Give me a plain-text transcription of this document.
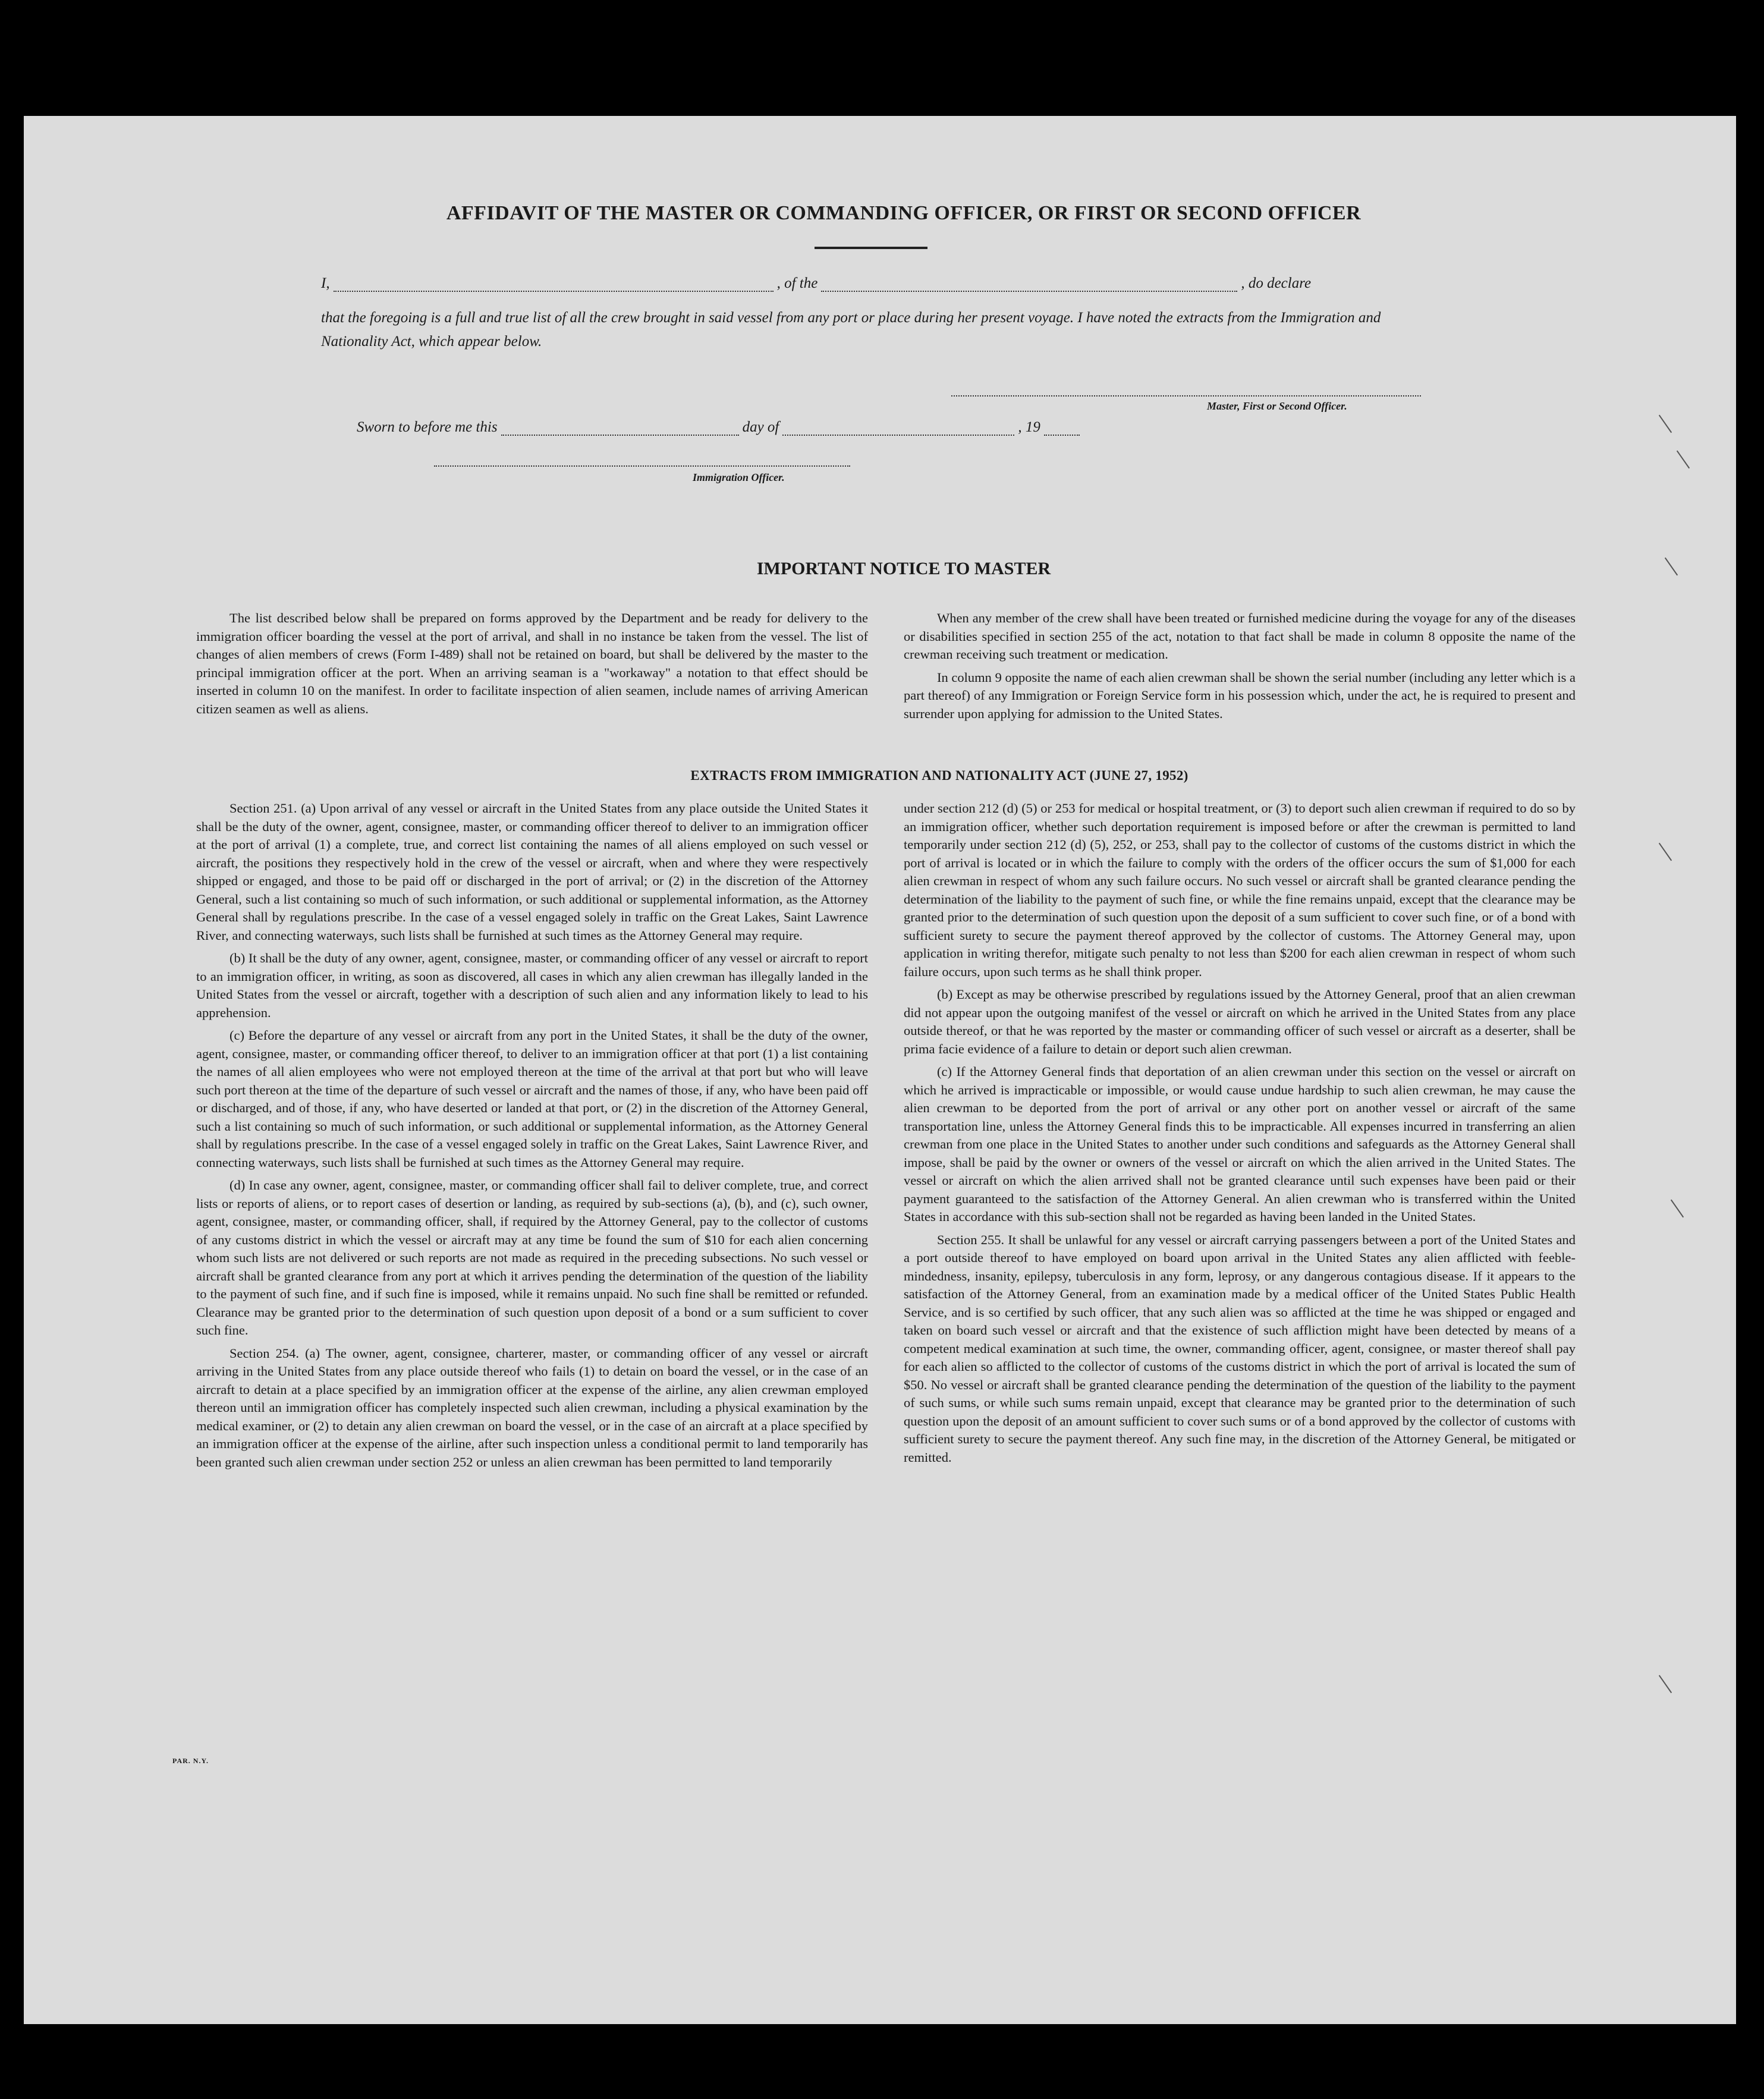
AFFIDAVIT OF THE MASTER OR COMMANDING OFFICER, OR FIRST OR SECOND OFFICER
I,	, of the	, do declare
that the foregoing is a full and true list of all the crew brought in said vessel from any port or place during her present voyage. I have noted the extracts from the Immigration and Nationality Act, which appear below.
Master, First or Second Officer.
Sworn to before me this	day of	, 19
Immigration Officer.
IMPORTANT NOTICE TO MASTER

The list described below shall be prepared on forms approved by the Department and be ready for delivery to the immigration officer boarding the vessel at the port of arrival, and shall in no instance be taken from the vessel. The list of changes of alien members of crews (Form I-489) shall not be retained on board, but shall be delivered by the master to the principal immigration officer at the port. When an arriving seaman is a "workaway" a notation to that effect should be inserted in column 10 on the manifest. In order to facilitate inspection of alien seamen, include names of arriving American citizen seamen as well as aliens.

When any member of the crew shall have been treated or furnished medicine during the voyage for any of the diseases or disabilities specified in section 255 of the act, notation to that fact shall be made in column 8 opposite the name of the crewman receiving such treatment or medication.

In column 9 opposite the name of each alien crewman shall be shown the serial number (including any letter which is a part thereof) of any Immigration or Foreign Service form in his possession which, under the act, he is required to present and surrender upon applying for admission to the United States.

EXTRACTS FROM IMMIGRATION AND NATIONALITY ACT (JUNE 27, 1952)

Section 251. (a) Upon arrival of any vessel or aircraft in the United States from any place outside the United States it shall be the duty of the owner, agent, consignee, master, or commanding officer thereof to deliver to an immigration officer at the port of arrival (1) a complete, true, and correct list containing the names of all aliens employed on such vessel or aircraft, the positions they respectively hold in the crew of the vessel or aircraft, when and where they were respectively shipped or engaged, and those to be paid off or discharged in the port of arrival; or (2) in the discretion of the Attorney General, such a list containing so much of such information, or such additional or supplemental information, as the Attorney General shall by regulations prescribe. In the case of a vessel engaged solely in traffic on the Great Lakes, Saint Lawrence River, and connecting waterways, such lists shall be furnished at such times as the Attorney General may require.

(b) It shall be the duty of any owner, agent, consignee, master, or commanding officer of any vessel or aircraft to report to an immigration officer, in writing, as soon as discovered, all cases in which any alien crewman has illegally landed in the United States from the vessel or aircraft, together with a description of such alien and any information likely to lead to his apprehension.

(c) Before the departure of any vessel or aircraft from any port in the United States, it shall be the duty of the owner, agent, consignee, master, or commanding officer thereof, to deliver to an immigration officer at that port (1) a list containing the names of all alien employees who were not employed thereon at the time of the arrival at that port but who will leave such port thereon at the time of the departure of such vessel or aircraft and the names of those, if any, who have been paid off or discharged, and of those, if any, who have deserted or landed at that port, or (2) in the discretion of the Attorney General, such a list containing so much of such information, or such additional or supplemental information, as the Attorney General shall by regulations prescribe. In the case of a vessel engaged solely in traffic on the Great Lakes, Saint Lawrence River, and connecting waterways, such lists shall be furnished at such times as the Attorney General may require.

(d) In case any owner, agent, consignee, master, or commanding officer shall fail to deliver complete, true, and correct lists or reports of aliens, or to report cases of desertion or landing, as required by sub-sections (a), (b), and (c), such owner, agent, consignee, master, or commanding officer, shall, if required by the Attorney General, pay to the collector of customs of any customs district in which the vessel or aircraft may at any time be found the sum of $10 for each alien concerning whom such lists are not delivered or such reports are not made as required in the preceding subsections. No such vessel or aircraft shall be granted clearance from any port at which it arrives pending the determination of the question of the liability to the payment of such fine, and if such fine is imposed, while it remains unpaid. No such fine shall be remitted or refunded. Clearance may be granted prior to the determination of such question upon deposit of a bond or a sum sufficient to cover such fine.

Section 254. (a) The owner, agent, consignee, charterer, master, or commanding officer of any vessel or aircraft arriving in the United States from any place outside thereof who fails (1) to detain on board the vessel, or in the case of an aircraft to detain at a place specified by an immigration officer at the expense of the airline, any alien crewman employed thereon until an immigration officer has completely inspected such alien crewman, including a physical examination by the medical examiner, or (2) to detain any alien crewman on board the vessel, or in the case of an aircraft at a place specified by an immigration officer at the expense of the airline, after such inspection unless a conditional permit to land temporarily has been granted such alien crewman under section 252 or unless an alien crewman has been permitted to land temporarily

under section 212 (d) (5) or 253 for medical or hospital treatment, or (3) to deport such alien crewman if required to do so by an immigration officer, whether such deportation requirement is imposed before or after the crewman is permitted to land temporarily under section 212 (d) (5), 252, or 253, shall pay to the collector of customs of the customs district in which the port of arrival is located or in which the failure to comply with the orders of the officer occurs the sum of $1,000 for each alien crewman in respect of whom any such failure occurs. No such vessel or aircraft shall be granted clearance pending the determination of the liability to the payment of such fine, or while the fine remains unpaid, except that the clearance may be granted prior to the determination of such question upon the deposit of a sum sufficient to cover such fine, or of a bond with sufficient surety to secure the payment thereof approved by the collector of customs. The Attorney General may, upon application in writing therefor, mitigate such penalty to not less than $200 for each alien crewman in respect of whom such failure occurs, upon such terms as he shall think proper.

(b) Except as may be otherwise prescribed by regulations issued by the Attorney General, proof that an alien crewman did not appear upon the outgoing manifest of the vessel or aircraft on which he arrived in the United States from any place outside thereof, or that he was reported by the master or commanding officer of such vessel or aircraft as a deserter, shall be prima facie evidence of a failure to detain or deport such alien crewman.

(c) If the Attorney General finds that deportation of an alien crewman under this section on the vessel or aircraft on which he arrived is impracticable or impossible, or would cause undue hardship to such alien crewman, he may cause the alien crewman to be deported from the port of arrival or any other port on another vessel or aircraft of the same transportation line, unless the Attorney General finds this to be impracticable. All expenses incurred in transferring an alien crewman from one place in the United States to another under such conditions and safeguards as the Attorney General shall impose, shall be paid by the owner or owners of the vessel or aircraft on which the alien arrived in the United States. The vessel or aircraft on which the alien arrived shall not be granted clearance until such expenses have been paid or their payment guaranteed to the satisfaction of the Attorney General. An alien crewman who is transferred within the United States in accordance with this sub-section shall not be regarded as having been landed in the United States.

Section 255. It shall be unlawful for any vessel or aircraft carrying passengers between a port of the United States and a port outside thereof to have employed on board upon arrival in the United States any alien afflicted with feeble-mindedness, insanity, epilepsy, tuberculosis in any form, leprosy, or any dangerous contagious disease. If it appears to the satisfaction of the Attorney General, from an examination made by a medical officer of the United States Public Health Service, and is so certified by such officer, that any such alien was so afflicted at the time he was shipped or engaged and taken on board such vessel or aircraft and that the existence of such affliction might have been detected by means of a competent medical examination at such time, the owner, commanding officer, agent, consignee, or master thereof shall pay for each alien so afflicted to the collector of customs of the customs district in which the port of arrival is located the sum of $50. No vessel or aircraft shall be granted clearance pending the determination of the question of the liability to the payment of such sums, or while such sums remain unpaid, except that clearance may be granted prior to the determination of such question upon the deposit of an amount sufficient to cover such sums or of a bond approved by the collector of customs with sufficient surety to secure the payment thereof. Any such fine may, in the discretion of the Attorney General, be mitigated or remitted.

PAR. N.Y.
